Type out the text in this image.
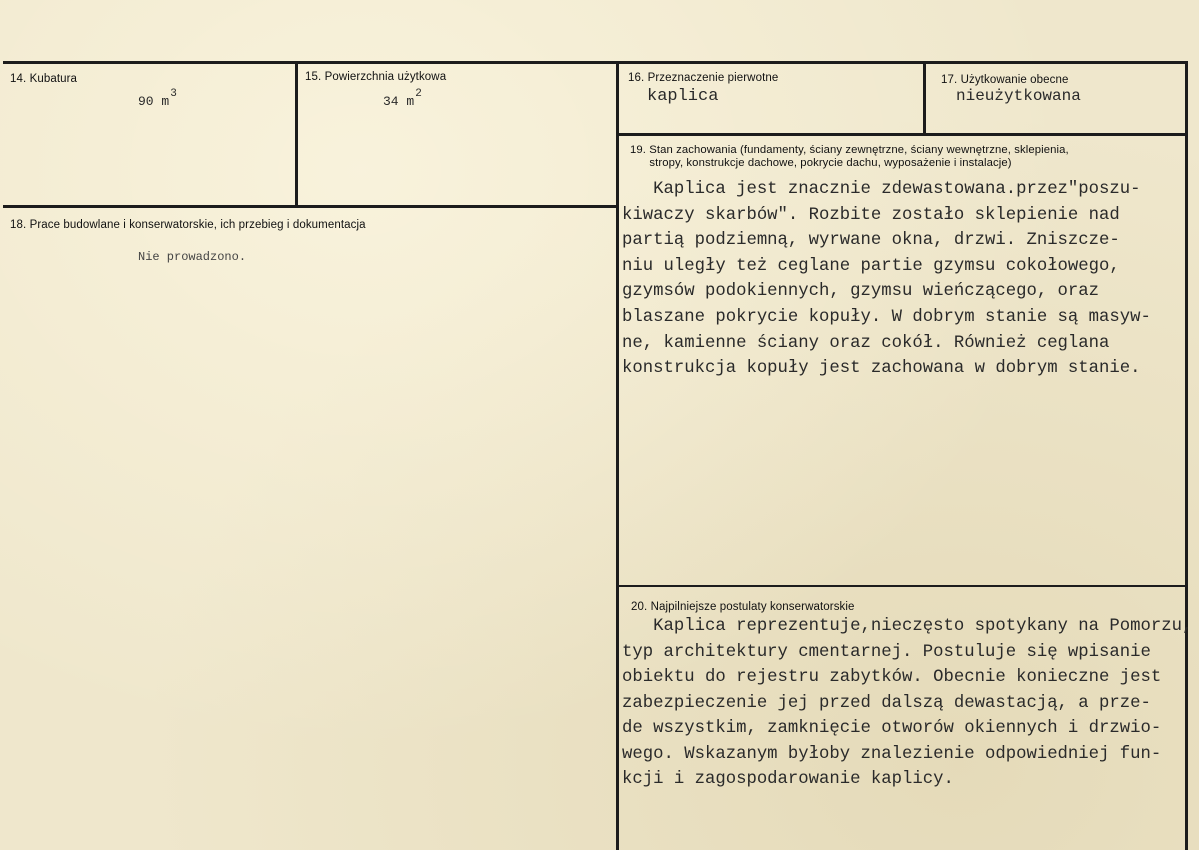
14. Kubatura
90 $m^3$
15. Powierzchnia użytkowa
34 $m^2$
16. Przeznaczenie pierwotne
kaplica
17. Użytkowanie obecne
nieużytkowana
18. Prace budowlane i konserwatorskie, ich przebieg i dokumentacja
Nie prowadzono.
19. Stan zachowania (fundamenty, ściany zewnętrzne, ściany wewnętrzne, sklepienia,
stropy, konstrukcje dachowe, pokrycie dachu, wyposażenie i instalacje)
Kaplica jest znacznie zdewastowana.przez"poszu-
kiwaczy skarbów". Rozbite zostało sklepienie nad
partią podziemną, wyrwane okna, drzwi. Zniszcze-
niu uległy też ceglane partie gzymsu cokołowego,
gzymsów podokiennych, gzymsu wieńczącego, oraz
blaszane pokrycie kopuły. W dobrym stanie są masyw-
ne, kamienne ściany oraz cokół. Również ceglana
konstrukcja kopuły jest zachowana w dobrym stanie.
20. Najpilniejsze postulaty konserwatorskie
Kaplica reprezentuje,nieczęsto spotykany na Pomorzu,
typ architektury cmentarnej. Postuluje się wpisanie
obiektu do rejestru zabytków. Obecnie konieczne jest
zabezpieczenie jej przed dalszą dewastacją, a prze-
de wszystkim, zamknięcie otworów okiennych i drzwio-
wego. Wskazanym byłoby znalezienie odpowiedniej fun-
kcji i zagospodarowanie kaplicy.
